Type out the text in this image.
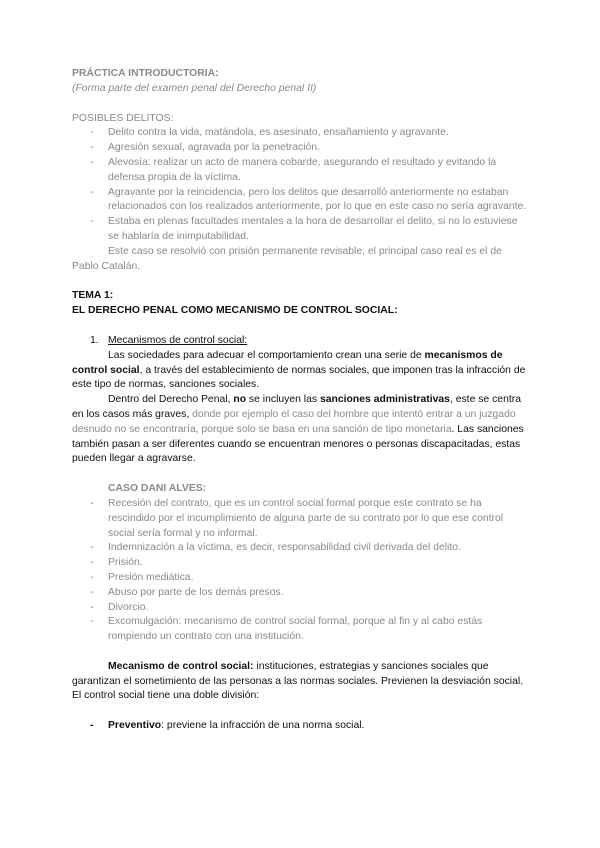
PRÁCTICA INTRODUCTORIA:

(Forma parte del examen penal del Derecho penal II)

POSIBLES DELITOS:

- Delito contra la vida, matándola, es asesinato, ensañamiento y agravante.

- Agresión sexual, agravada por la penetración.

- Alevosía: realizar un acto de manera cobarde, asegurando el resultado y evitando la defensa propia de la víctima.

- Agravante por la reincidencia, pero los delitos que desarrolló anteriormente no estaban relacionados con los realizados anteriormente, por lo que en este caso no sería agravante.

- Estaba en plenas facultades mentales a la hora de desarrollar el delito, si no lo estuviese se hablaría de inimputabilidad.

Este caso se resolvió con prisión permanente revisable, el principal caso real es el de Pablo Catalán.

TEMA 1:

EL DERECHO PENAL COMO MECANISMO DE CONTROL SOCIAL:

1. Mecanismos de control social:

Las sociedades para adecuar el comportamiento crean una serie de mecanismos de control social, a través del establecimiento de normas sociales, que imponen tras la infracción de este tipo de normas, sanciones sociales.

Dentro del Derecho Penal, no se incluyen las sanciones administrativas, este se centra en los casos más graves, donde por ejemplo el caso del hombre que intentó entrar a un juzgado desnudo no se encontraría, porque solo se basa en una sanción de tipo monetaria. Las sanciones también pasan a ser diferentes cuando se encuentran menores o personas discapacitadas, estas pueden llegar a agravarse.

CASO DANI ALVES:

- Recesión del contrato, que es un control social formal porque este contrato se ha rescindido por el incumplimiento de alguna parte de su contrato por lo que ese control social sería formal y no informal.

- Indemnización a la víctima, es decir, responsabilidad civil derivada del delito.

- Prisión.

- Presión mediática.

- Abuso por parte de los demás presos.

- Divorcio.

- Excomulgación: mecanismo de control social formal, porque al fin y al cabo estás rompiendo un contrato con una institución.

Mecanismo de control social: instituciones, estrategias y sanciones sociales que garantizan el sometimiento de las personas a las normas sociales. Previenen la desviación social. El control social tiene una doble división:

- Preventivo: previene la infracción de una norma social.
